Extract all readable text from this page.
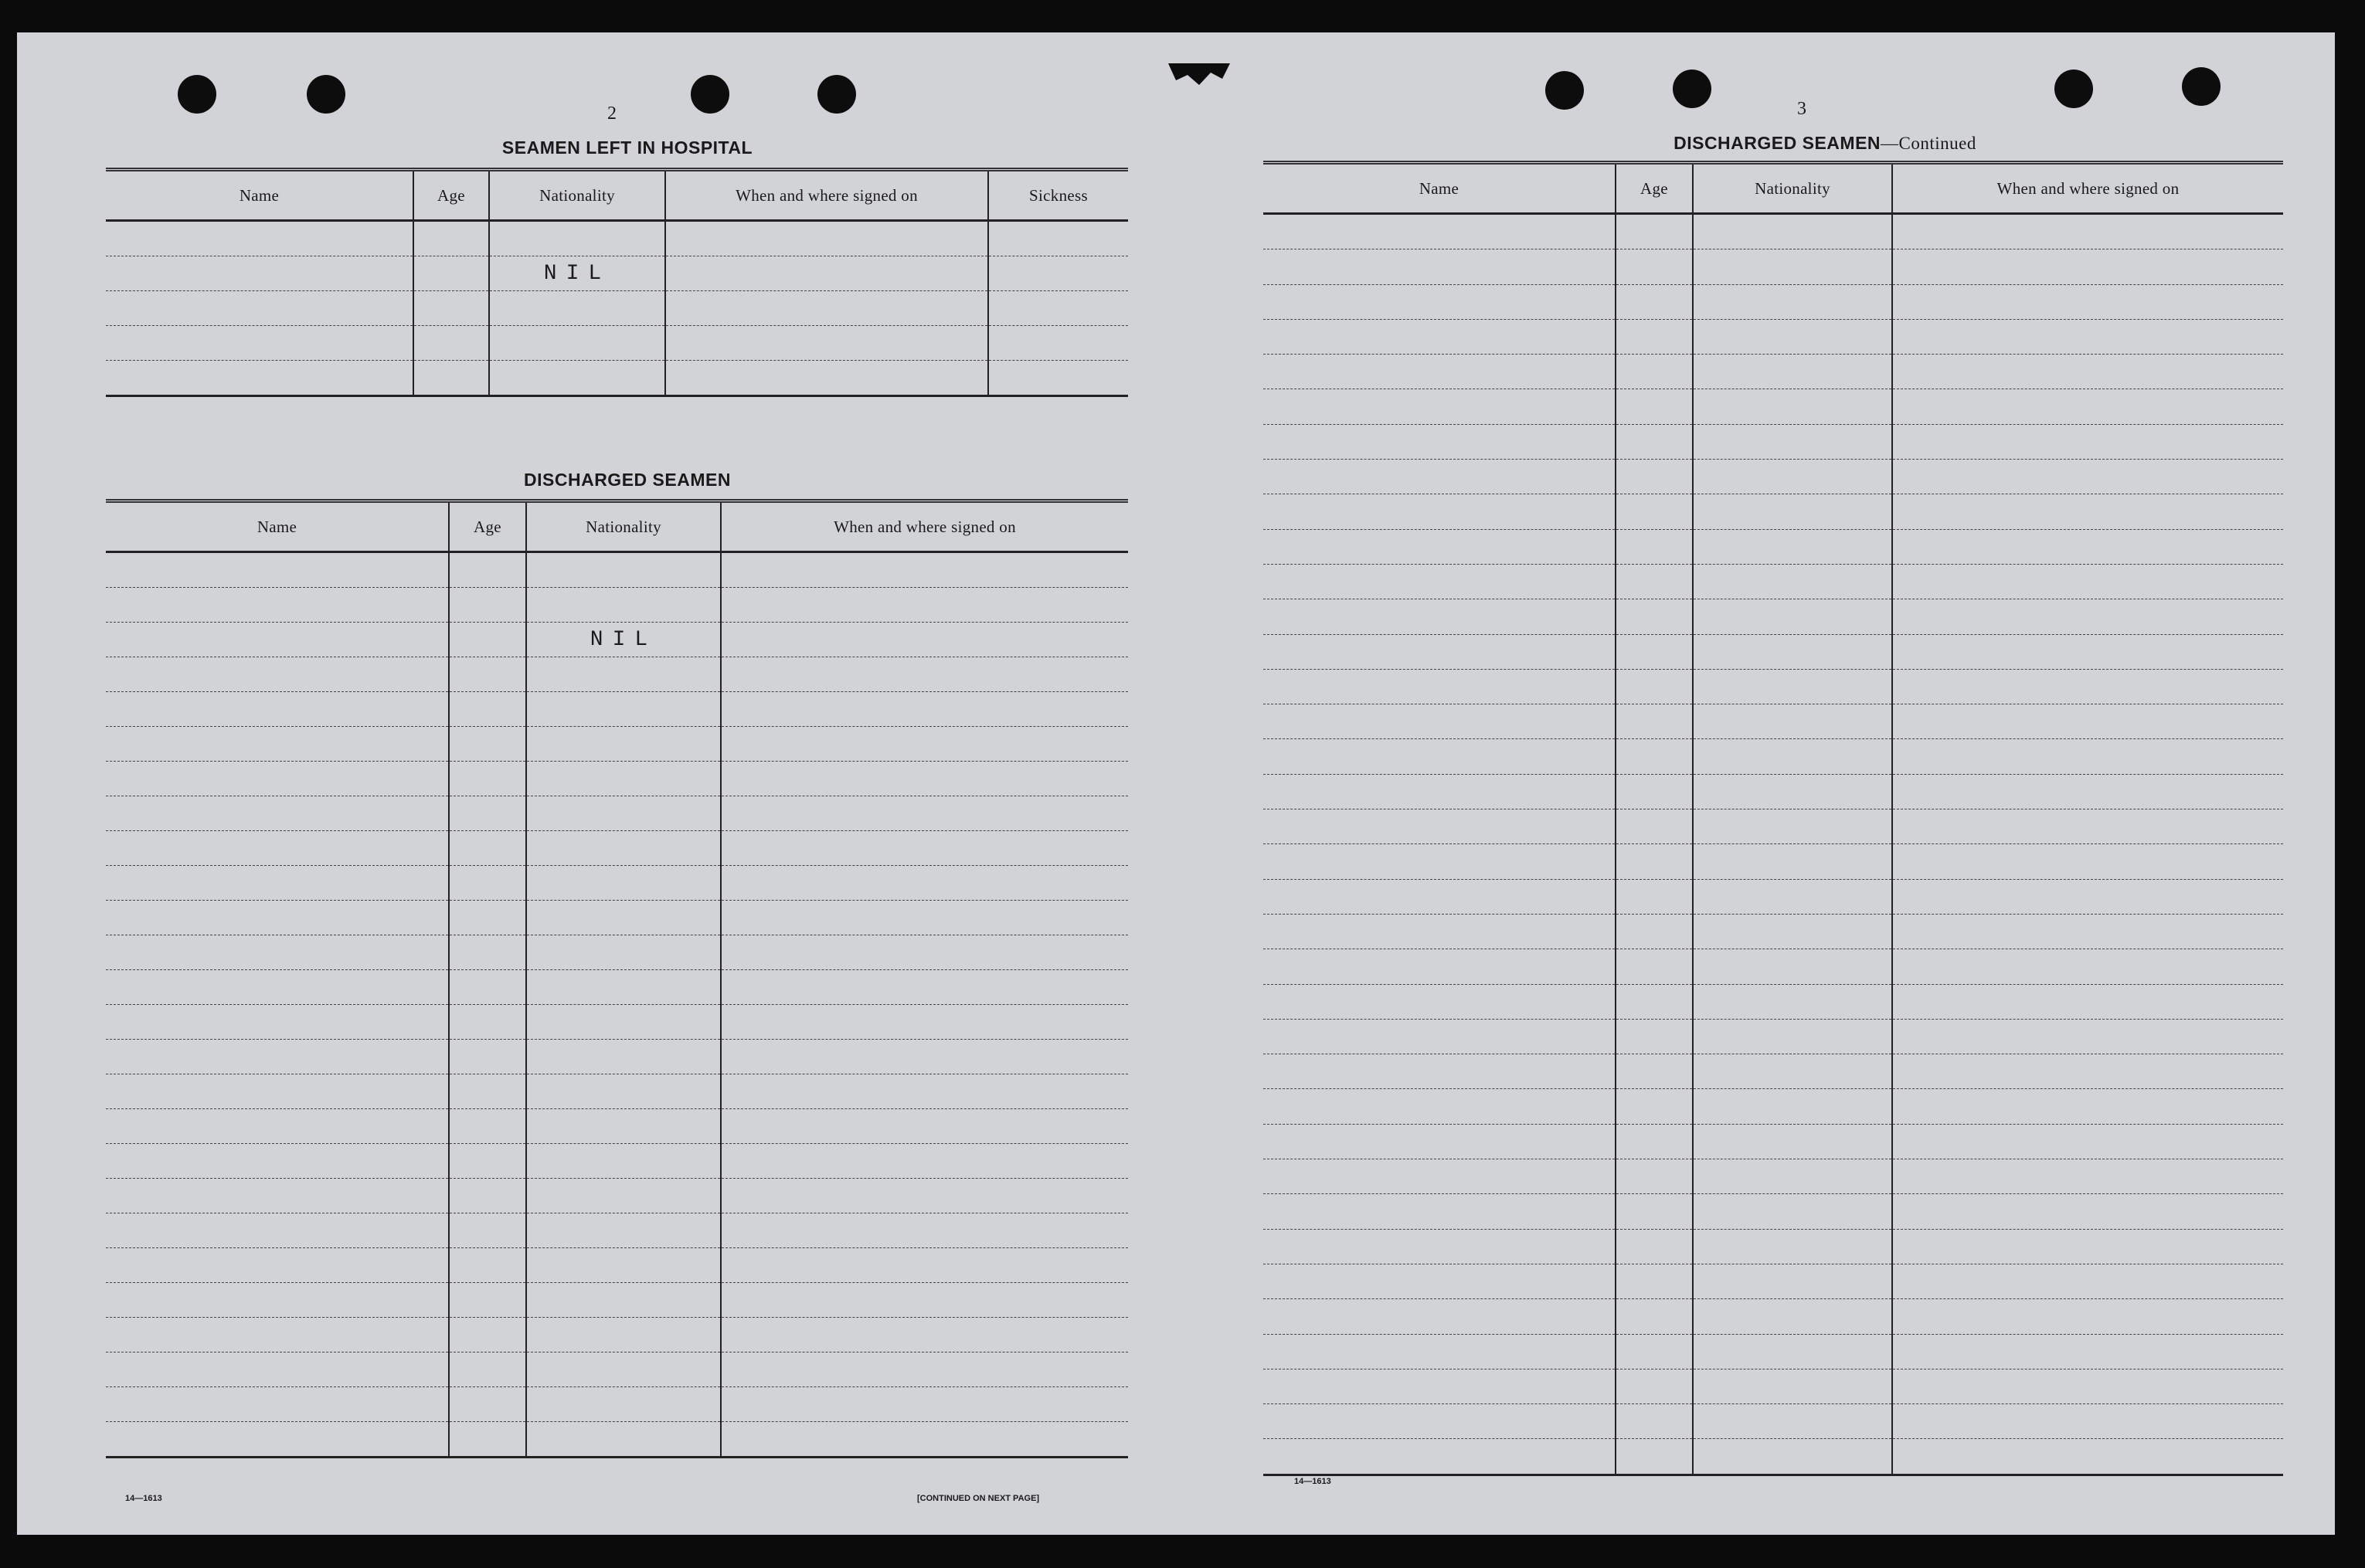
2
SEAMEN LEFT IN HOSPITAL
Name	Age	Nationality	When and where signed on	Sickness

		NIL		

DISCHARGED SEAMEN
Name	Age	Nationality	When and where signed on

		NIL	

14—1613	[CONTINUED ON NEXT PAGE]
3
DISCHARGED SEAMEN—Continued
Name	Age	Nationality	When and where signed on

14—1613
